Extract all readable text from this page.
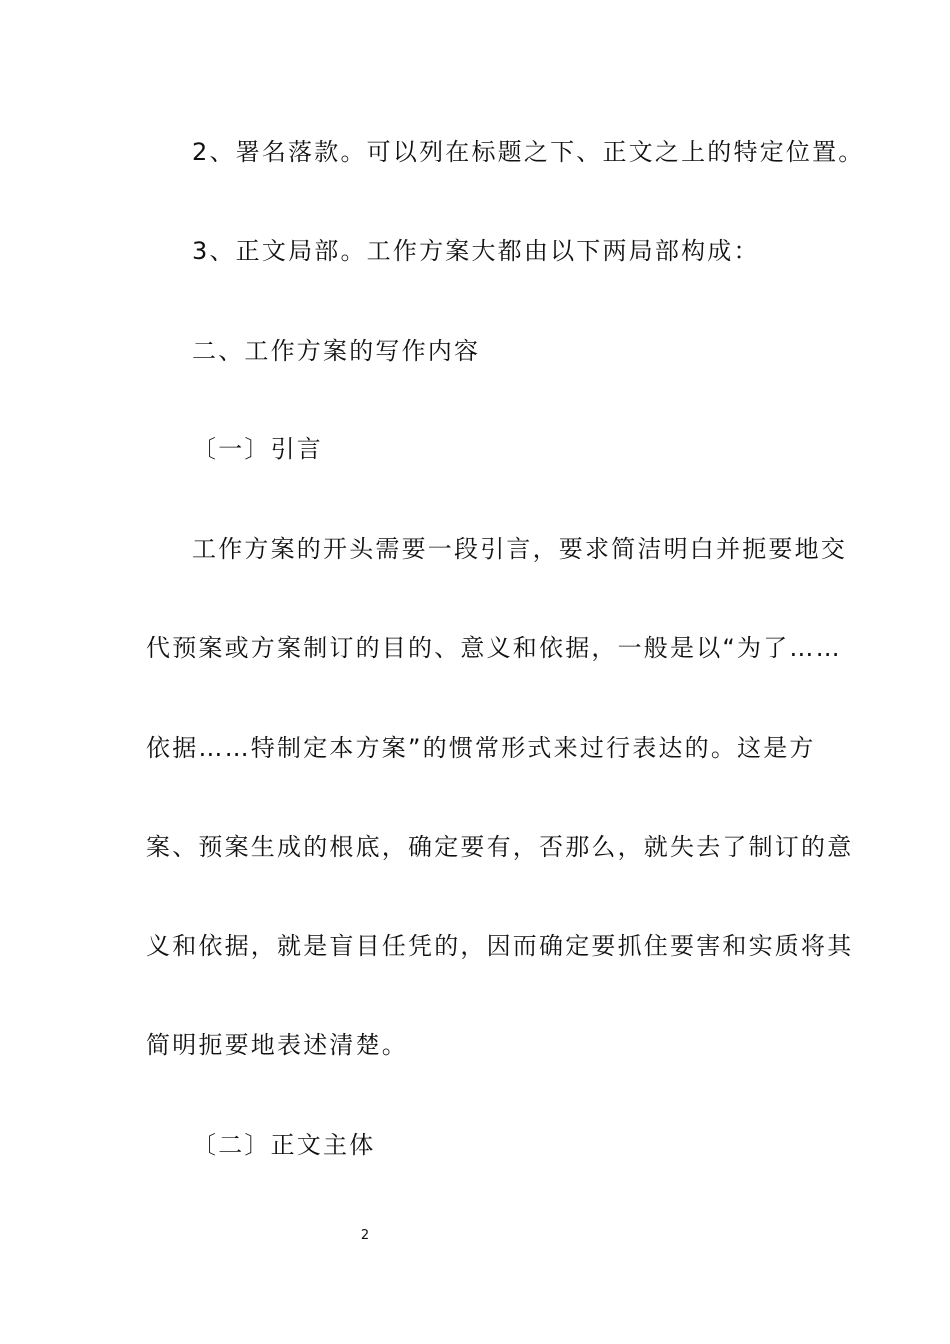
2、署名落款。可以列在标题之下、正文之上的特定位置。
3、正文局部。工作方案大都由以下两局部构成：
二、工作方案的写作内容
〔一〕引言
工作方案的开头需要一段引言，要求简洁明白并扼要地交
代预案或方案制订的目的、意义和依据，一般是以“为了……
依据……特制定本方案”的惯常形式来过行表达的。这是方
案、预案生成的根底，确定要有，否那么，就失去了制订的意
义和依据，就是盲目任凭的，因而确定要抓住要害和实质将其
简明扼要地表述清楚。
〔二〕正文主体
2
